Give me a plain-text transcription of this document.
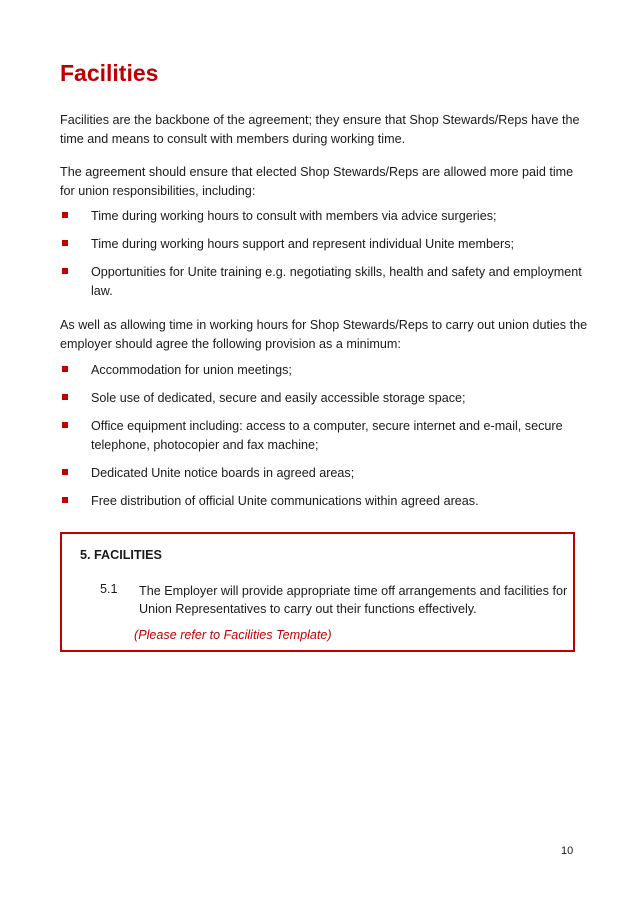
Facilities

Facilities are the backbone of the agreement; they ensure that Shop Stewards/Reps have the time and means to consult with members during working time.

The agreement should ensure that elected Shop Stewards/Reps are allowed more paid time for union responsibilities, including:

Time during working hours to consult with members via advice surgeries;
Time during working hours support and represent individual Unite members;
Opportunities for Unite training e.g. negotiating skills, health and safety and employment law.

As well as allowing time in working hours for Shop Stewards/Reps to carry out union duties the employer should agree the following provision as a minimum:

Accommodation for union meetings;
Sole use of dedicated, secure and easily accessible storage space;
Office equipment including: access to a computer, secure internet and e-mail, secure telephone, photocopier and fax machine;
Dedicated Unite notice boards in agreed areas;
Free distribution of official Unite communications within agreed areas.
5. FACILITIES
5.1 The Employer will provide appropriate time off arrangements and facilities for Union Representatives to carry out their functions effectively.
(Please refer to Facilities Template)
10
